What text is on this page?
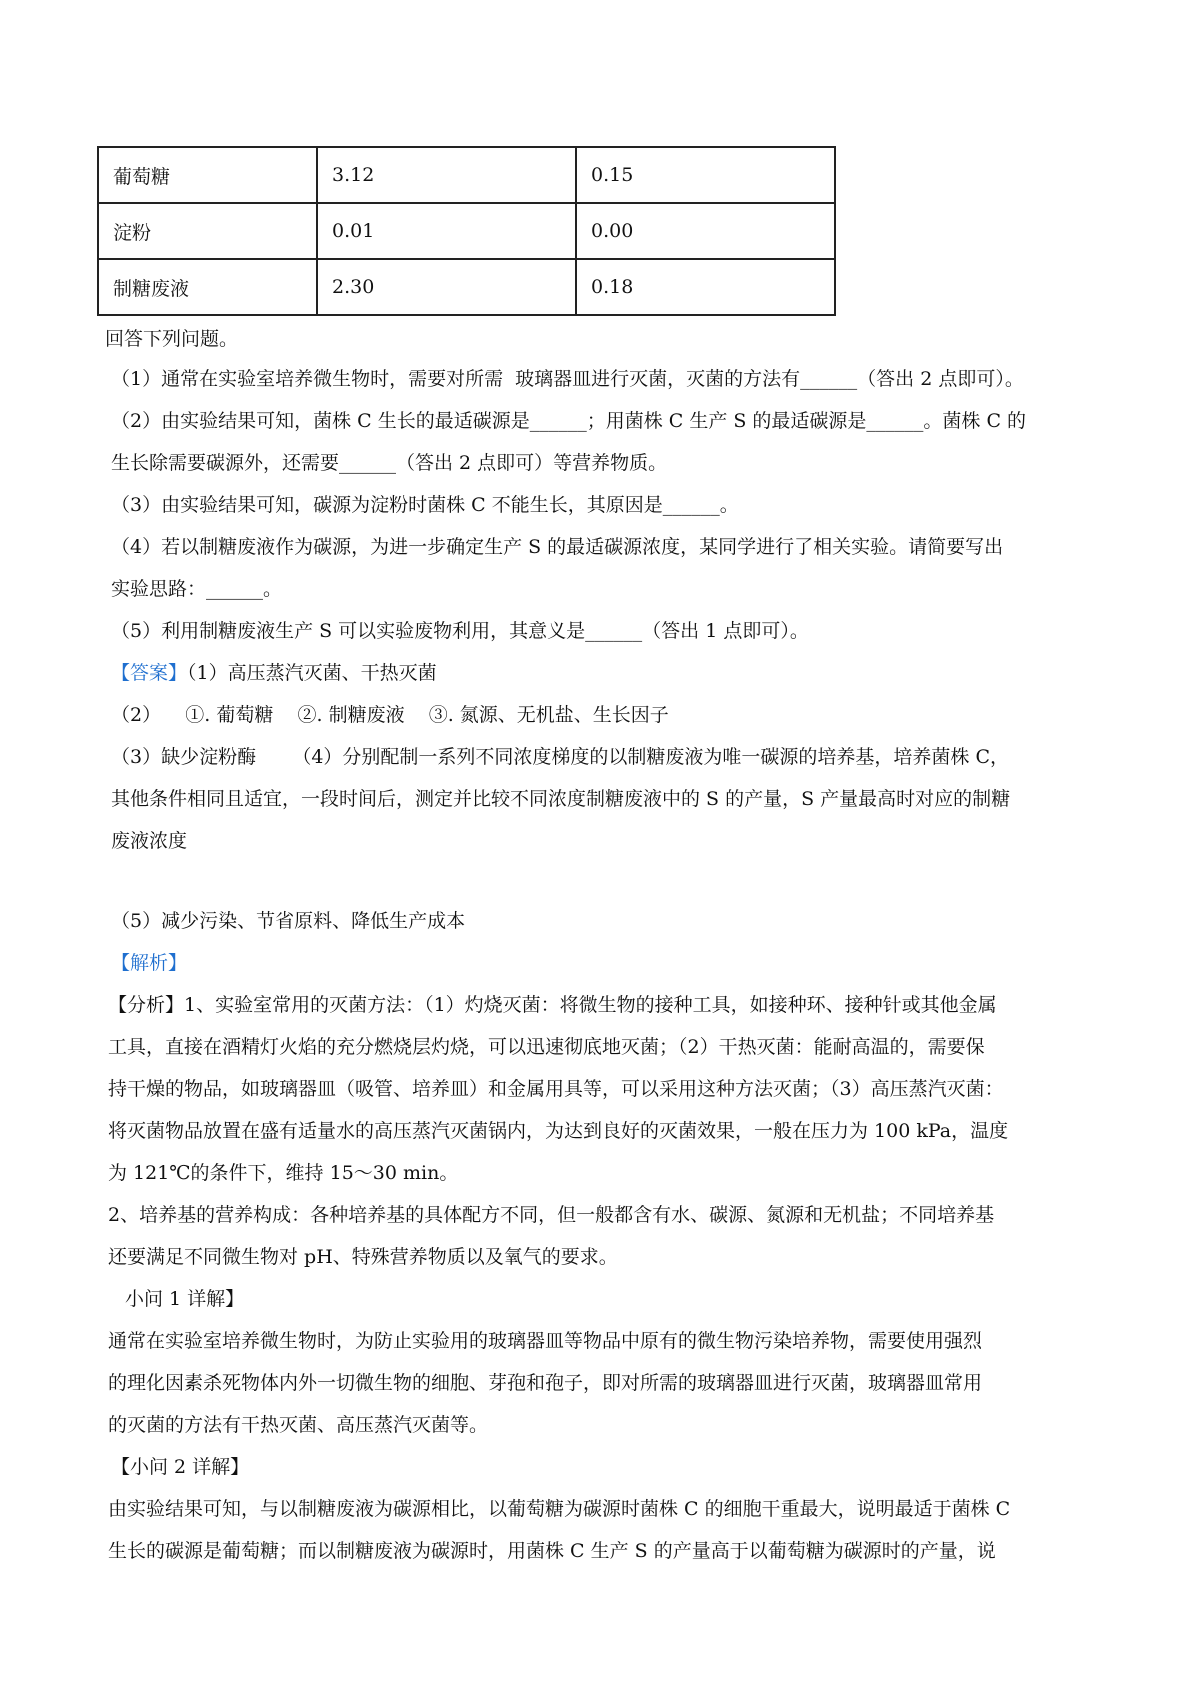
葡萄糖	3.12	0.15
淀粉	0.01	0.00
制糖废液	2.30	0.18
回答下列问题。
（1）通常在实验室培养微生物时，需要对所需  玻璃器皿进行灭菌，灭菌的方法有______（答出 2 点即可）。
（2）由实验结果可知，菌株 C 生长的最适碳源是______；用菌株 C 生产 S 的最适碳源是______。菌株 C 的
生长除需要碳源外，还需要______（答出 2 点即可）等营养物质。
（3）由实验结果可知，碳源为淀粉时菌株 C 不能生长，其原因是______。
（4）若以制糖废液作为碳源，为进一步确定生产 S 的最适碳源浓度，某同学进行了相关实验。请简要写出
实验思路：______。
（5）利用制糖废液生产 S 可以实验废物利用，其意义是______（答出 1 点即可）。
【答案】（1）高压蒸汽灭菌、干热灭菌
（2）    ①. 葡萄糖    ②. 制糖废液    ③. 氮源、无机盐、生长因子
（3）缺少淀粉酶      （4）分别配制一系列不同浓度梯度的以制糖废液为唯一碳源的培养基，培养菌株 C，
其他条件相同且适宜，一段时间后，测定并比较不同浓度制糖废液中的 S 的产量，S 产量最高时对应的制糖
废液浓度
（5）减少污染、节省原料、降低生产成本
【解析】
【分析】1、实验室常用的灭菌方法：（1）灼烧灭菌：将微生物的接种工具，如接种环、接种针或其他金属
工具，直接在酒精灯火焰的充分燃烧层灼烧，可以迅速彻底地灭菌；（2）干热灭菌：能耐高温的，需要保
持干燥的物品，如玻璃器皿（吸管、培养皿）和金属用具等，可以采用这种方法灭菌；（3）高压蒸汽灭菌：
将灭菌物品放置在盛有适量水的高压蒸汽灭菌锅内，为达到良好的灭菌效果，一般在压力为 100 kPa，温度
为 121℃的条件下，维持 15～30 min。
2、培养基的营养构成：各种培养基的具体配方不同，但一般都含有水、碳源、氮源和无机盐；不同培养基
还要满足不同微生物对 pH、特殊营养物质以及氧气的要求。
小问 1 详解】
通常在实验室培养微生物时，为防止实验用的玻璃器皿等物品中原有的微生物污染培养物，需要使用强烈
的理化因素杀死物体内外一切微生物的细胞、芽孢和孢子，即对所需的玻璃器皿进行灭菌，玻璃器皿常用
的灭菌的方法有干热灭菌、高压蒸汽灭菌等。
【小问 2 详解】
由实验结果可知，与以制糖废液为碳源相比，以葡萄糖为碳源时菌株 C 的细胞干重最大，说明最适于菌株 C
生长的碳源是葡萄糖；而以制糖废液为碳源时，用菌株 C 生产 S 的产量高于以葡萄糖为碳源时的产量，说
